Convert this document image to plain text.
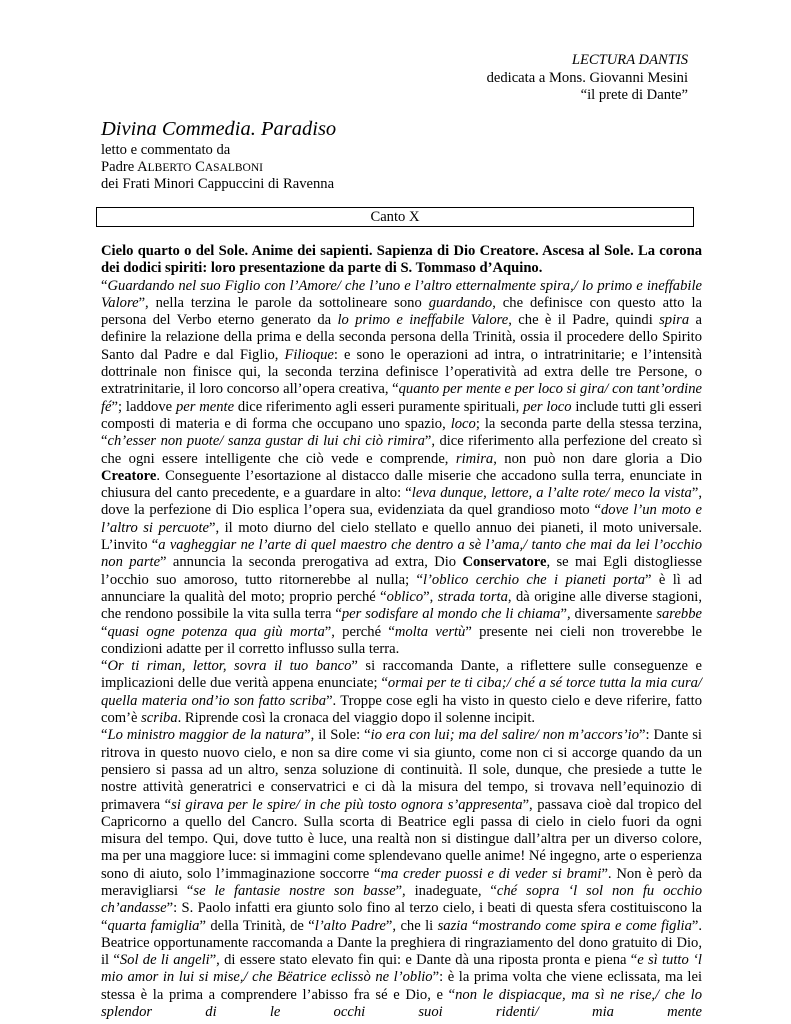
LECTURA DANTIS
dedicata a Mons. Giovanni Mesini
“il prete di Dante”
Divina Commedia. Paradiso
letto e commentato da
Padre ALBERTO CASALBONI
dei Frati Minori Cappuccini di Ravenna
Canto X

Cielo quarto o del Sole. Anime dei sapienti. Sapienza di Dio Creatore. Ascesa al Sole. La corona dei dodici spiriti: loro presentazione da parte di S. Tommaso d’Aquino.

“Guardando nel suo Figlio con l’Amore/ che l’uno e l’altro etternalmente spira,/ lo primo e ineffabile Valore”, nella terzina le parole da sottolineare sono guardando, che definisce con questo atto la persona del Verbo eterno generato da lo primo e ineffabile Valore, che è il Padre, quindi spira a definire la relazione della prima e della seconda persona della Trinità, ossia il procedere dello Spirito Santo dal Padre e dal Figlio, Filioque: e sono le operazioni ad intra, o intratrinitarie; e l’intensità dottrinale non finisce qui, la seconda terzina definisce l’operatività ad extra delle tre Persone, o extratrinitarie, il loro concorso all’opera creativa, “quanto per mente e per loco si gira/ con tant’ordine fé”; laddove per mente dice riferimento agli esseri puramente spirituali, per loco include tutti gli esseri composti di materia e di forma che occupano uno spazio, loco; la seconda parte della stessa terzina, “ch’esser non puote/ sanza gustar di lui chi ciò rimira”, dice riferimento alla perfezione del creato sì che ogni essere intelligente che ciò vede e comprende, rimira, non può non dare gloria a Dio Creatore. Conseguente l’esortazione al distacco dalle miserie che accadono sulla terra, enunciate in chiusura del canto precedente, e a guardare in alto: “leva dunque, lettore, a l’alte rote/ meco la vista”, dove la perfezione di Dio esplica l’opera sua, evidenziata da quel grandioso moto “dove l’un moto e l’altro si percuote”, il moto diurno del cielo stellato e quello annuo dei pianeti, il moto universale. L’invito “a vagheggiar ne l’arte di quel maestro che dentro a sè l’ama,/ tanto che mai da lei l’occhio non parte” annuncia la seconda prerogativa ad extra, Dio Conservatore, se mai Egli distogliesse l’occhio suo amoroso, tutto ritornerebbe al nulla; “l’oblico cerchio che i pianeti porta” è lì ad annunciare la qualità del moto; proprio perché “oblico”, strada torta, dà origine alle diverse stagioni, che rendono possibile la vita sulla terra “per sodisfare al mondo che li chiama”, diversamente sarebbe “quasi ogne potenza qua giù morta”, perché “molta vertù” presente nei cieli non troverebbe le condizioni adatte per il corretto influsso sulla terra.

“Or ti riman, lettor, sovra il tuo banco” si raccomanda Dante, a riflettere sulle conseguenze e implicazioni delle due verità appena enunciate; “ormai per te ti ciba;/ ché a sé torce tutta la mia cura/ quella materia ond’io son fatto scriba”. Troppe cose egli ha visto in questo cielo e deve riferire, fatto com’è scriba. Riprende così la cronaca del viaggio dopo il solenne incipit.

“Lo ministro maggior de la natura”, il Sole: “io era con lui; ma del salire/ non m’accors’io”: Dante si ritrova in questo nuovo cielo, e non sa dire come vi sia giunto, come non ci si accorge quando da un pensiero si passa ad un altro, senza soluzione di continuità. Il sole, dunque, che presiede a tutte le nostre attività generatrici e conservatrici e ci dà la misura del tempo, si trovava nell’equinozio di primavera “si girava per le spire/ in che più tosto ognora s’appresenta”, passava cioè dal tropico del Capricorno a quello del Cancro. Sulla scorta di Beatrice egli passa di cielo in cielo fuori da ogni misura del tempo. Qui, dove tutto è luce, una realtà non si distingue dall’altra per un diverso colore, ma per una maggiore luce: si immagini come splendevano quelle anime! Né ingegno, arte o esperienza sono di aiuto, solo l’immaginazione soccorre “ma creder puossi e di veder si brami”. Non è però da meravigliarsi “se le fantasie nostre son basse”, inadeguate, “ché sopra ‘l sol non fu occhio ch’andasse”: S. Paolo infatti era giunto solo fino al terzo cielo, i beati di questa sfera costituiscono la “quarta famiglia” della Trinità, de “l’alto Padre”, che li sazia “mostrando come spira e come figlia”. Beatrice opportunamente raccomanda a Dante la preghiera di ringraziamento del dono gratuito di Dio, il “Sol de li angeli”, di essere stato elevato fin qui: e Dante dà una riposta pronta e piena “e sì tutto ‘l mio amor in lui si mise,/ che Bëatrice eclissò ne l’oblio”: è la prima volta che viene eclissata, ma lei stessa è la prima a comprendere l’abisso fra sé e Dio, e “non le dispiacque, ma sì ne rise,/ che lo splendor di le occhi suoi ridenti/ mia mente
